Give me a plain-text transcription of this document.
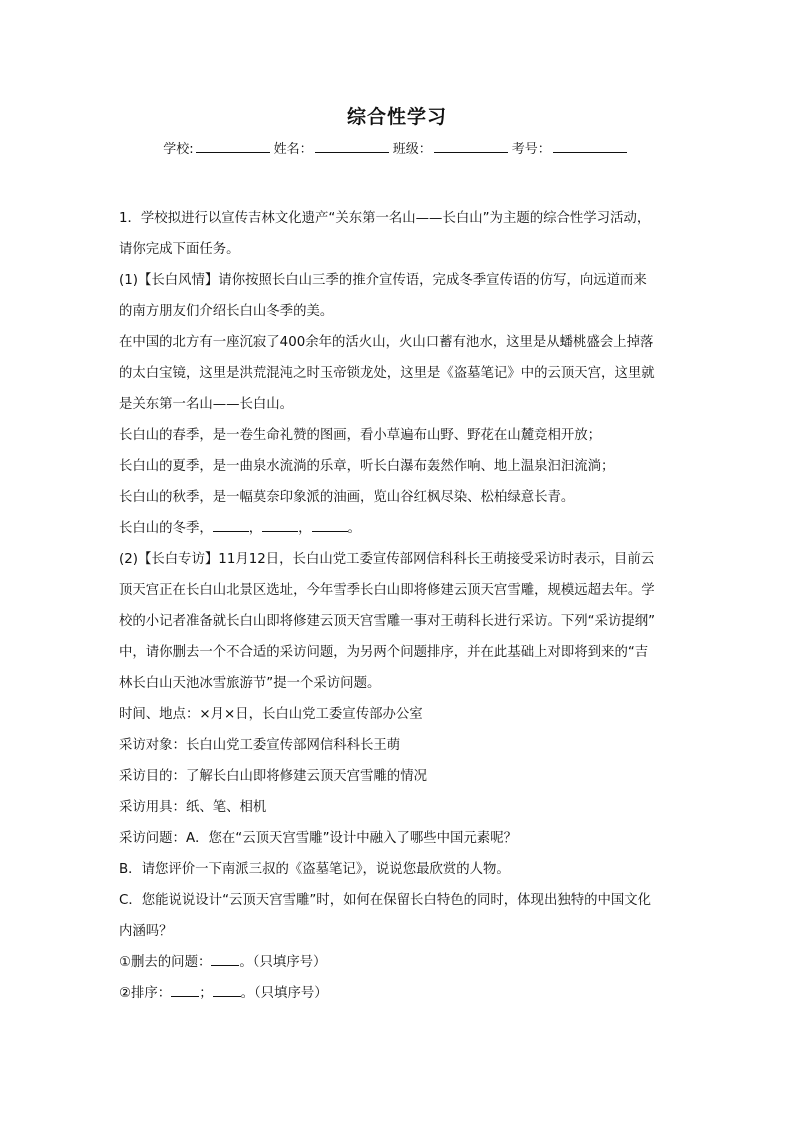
综合性学习
学校:	姓名：	班级：	考号：
1．学校拟进行以宣传吉林文化遗产“关东第一名山——长白山”为主题的综合性学习活动，
请你完成下面任务。
(1)【长白风情】请你按照长白山三季的推介宣传语，完成冬季宣传语的仿写，向远道而来
的南方朋友们介绍长白山冬季的美。
在中国的北方有一座沉寂了400余年的活火山，火山口蓄有池水，这里是从蟠桃盛会上掉落
的太白宝镜，这里是洪荒混沌之时玉帝锁龙处，这里是《盗墓笔记》中的云顶天宫，这里就
是关东第一名山——长白山。
长白山的春季，是一卷生命礼赞的图画，看小草遍布山野、野花在山麓竞相开放；
长白山的夏季，是一曲泉水流淌的乐章，听长白瀑布轰然作响、地上温泉汩汩流淌；
长白山的秋季，是一幅莫奈印象派的油画，览山谷红枫尽染、松柏绿意长青。
长白山的冬季，	，	，	。
(2)【长白专访】11月12日，长白山党工委宣传部网信科科长王萌接受采访时表示，目前云
顶天宫正在长白山北景区选址，今年雪季长白山即将修建云顶天宫雪雕，规模远超去年。学
校的小记者准备就长白山即将修建云顶天宫雪雕一事对王萌科长进行采访。下列“采访提纲”
中，请你删去一个不合适的采访问题，为另两个问题排序，并在此基础上对即将到来的“吉
林长白山天池冰雪旅游节”提一个采访问题。
时间、地点：×月×日，长白山党工委宣传部办公室
采访对象：长白山党工委宣传部网信科科长王萌
采访目的：了解长白山即将修建云顶天宫雪雕的情况
采访用具：纸、笔、相机
采访问题：A．您在“云顶天宫雪雕”设计中融入了哪些中国元素呢？
B．请您评价一下南派三叔的《盗墓笔记》，说说您最欣赏的人物。
C．您能说说设计“云顶天宫雪雕”时，如何在保留长白特色的同时，体现出独特的中国文化
内涵吗？
①删去的问题： 。（只填序号）
②排序： ； 。（只填序号）
